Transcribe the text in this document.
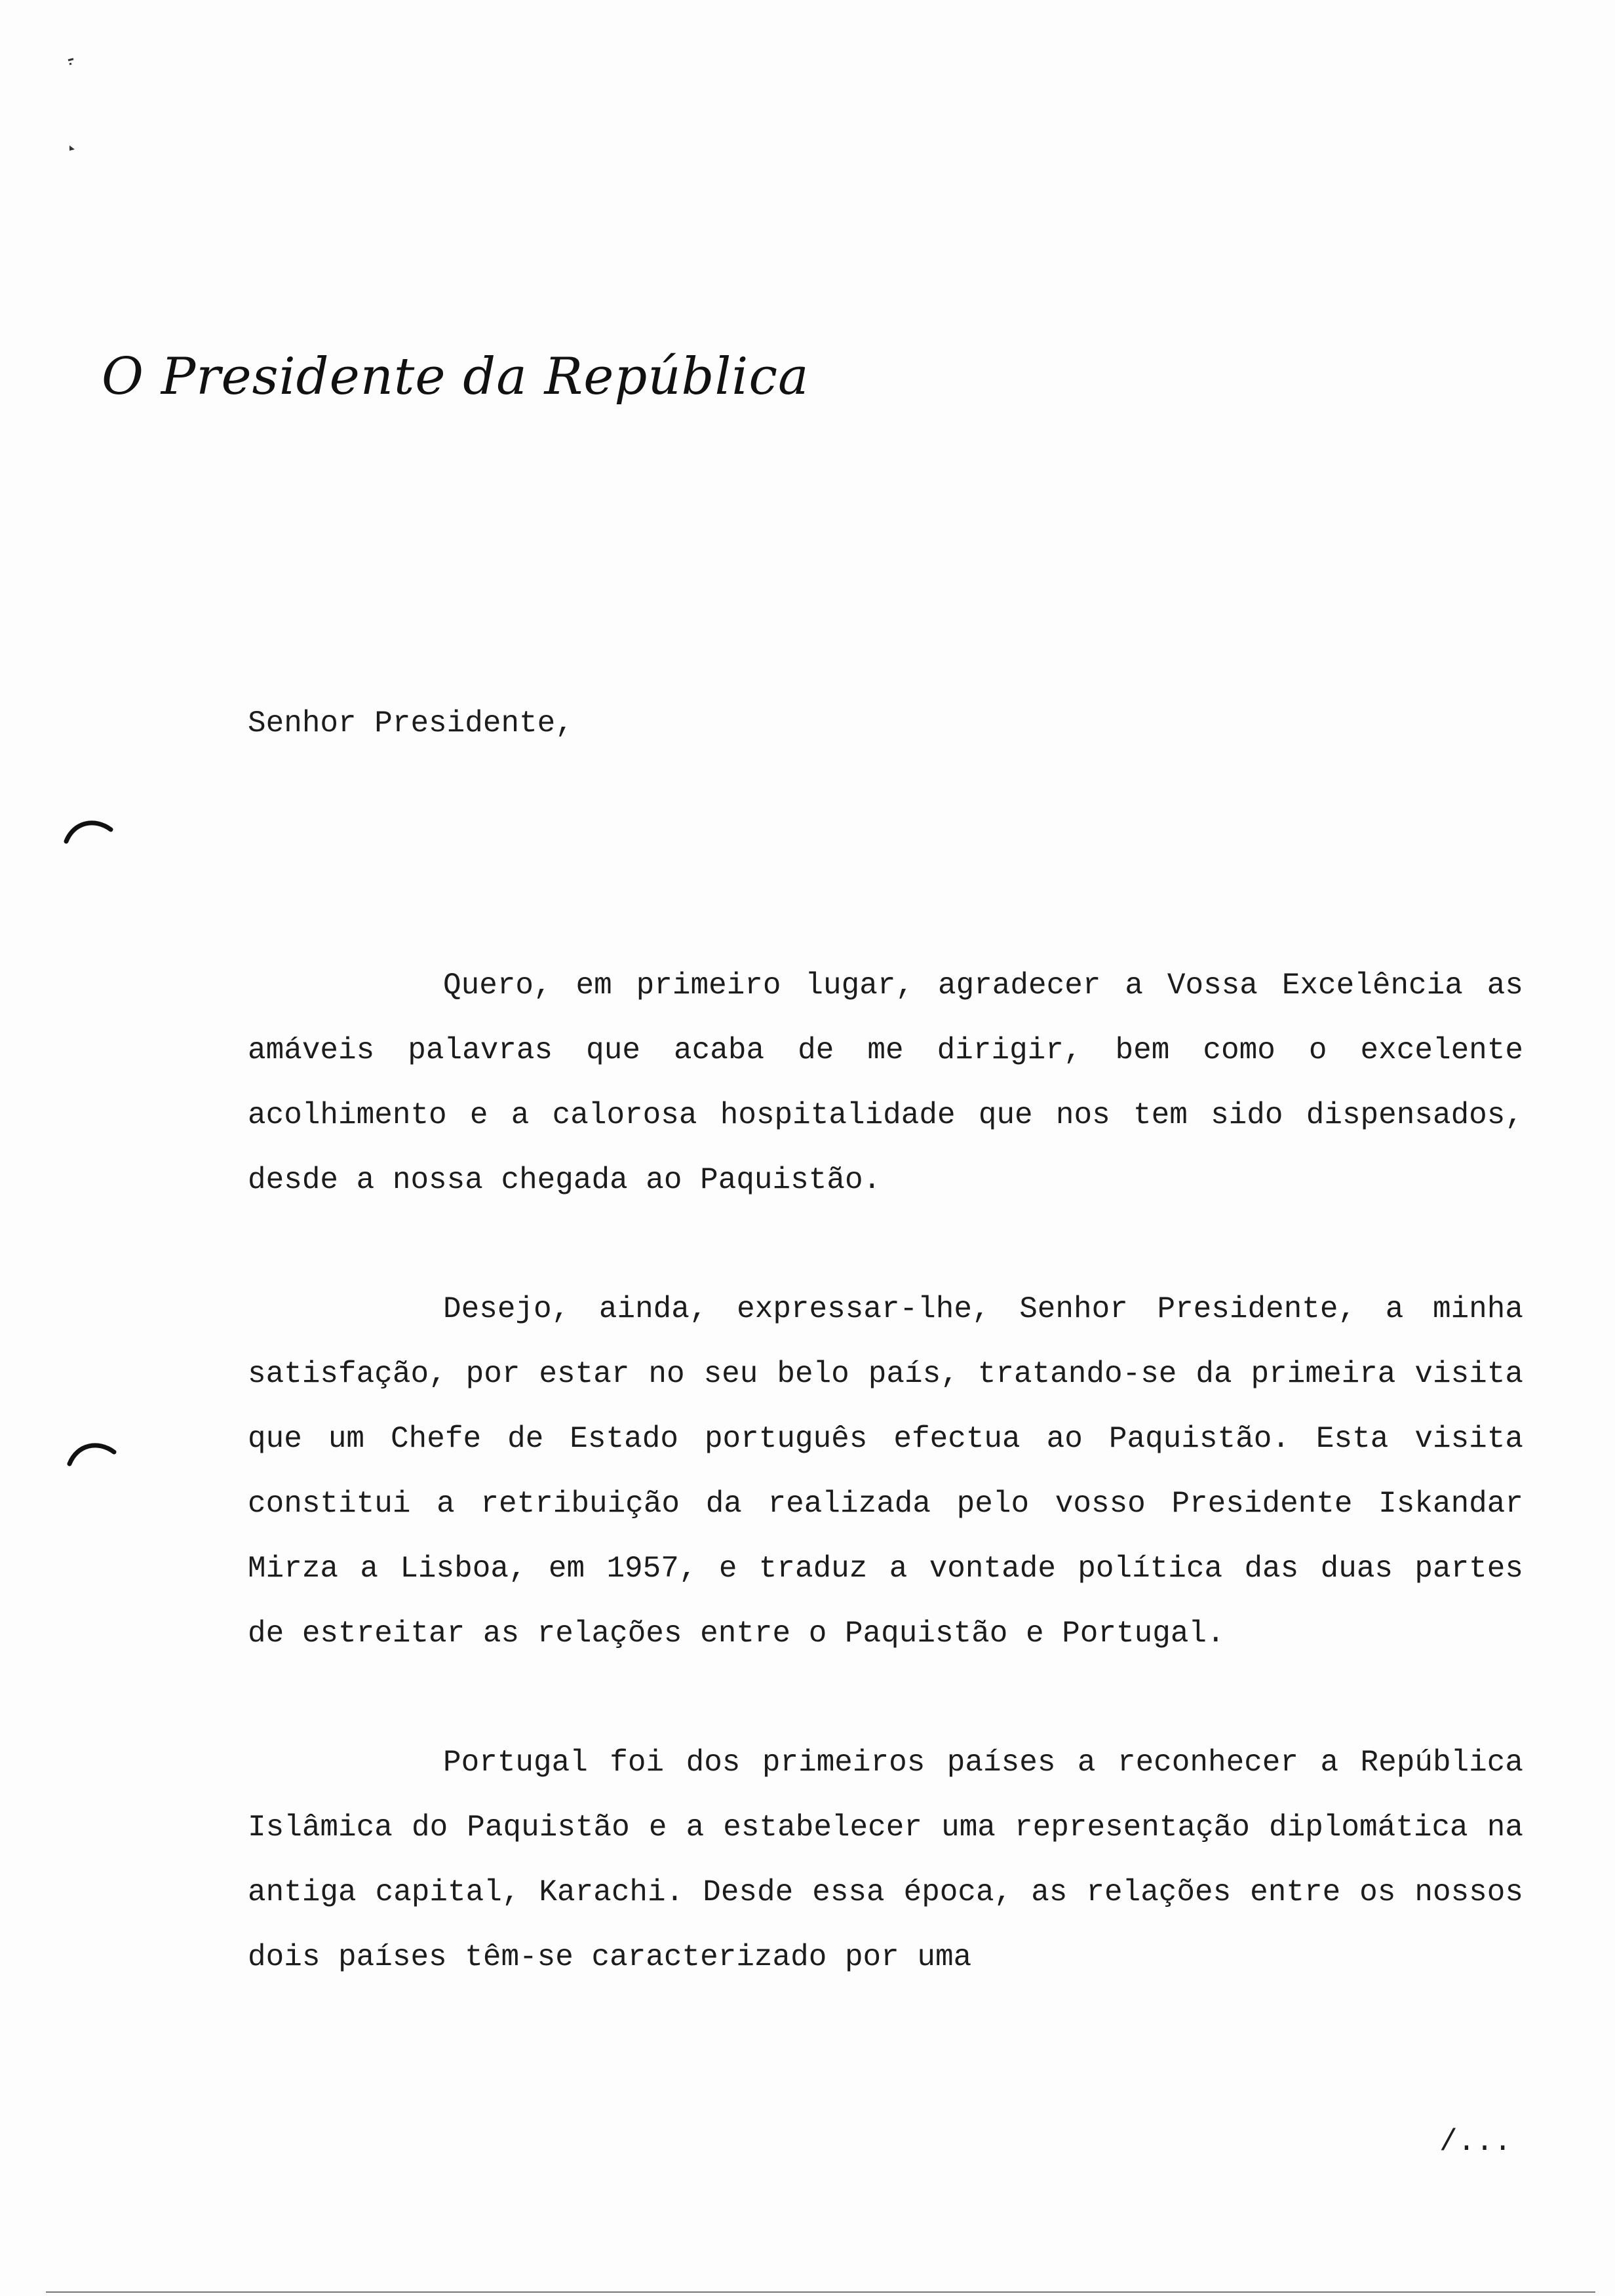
O Presidente da República
Senhor Presidente,

Quero, em primeiro lugar, agradecer a Vossa Excelência as amáveis palavras que acaba de me dirigir, bem como o excelente acolhimento e a calorosa hospitalidade que nos tem sido dispensados, desde a nossa chegada ao Paquistão.

Desejo, ainda, expressar-lhe, Senhor Presidente, a minha satisfação, por estar no seu belo país, tratando-se da primeira visita que um Chefe de Estado português efectua ao Paquistão. Esta visita constitui a retribuição da realizada pelo vosso Presidente Iskandar Mirza a Lisboa, em 1957, e traduz a vontade política das duas partes de estreitar as relações entre o Paquistão e Portugal.

Portugal foi dos primeiros países a reconhecer a República Islâmica do Paquistão e a estabelecer uma representação diplomática na antiga capital, Karachi. Desde essa época, as relações entre os nossos dois países têm-se caracterizado por uma

/...
